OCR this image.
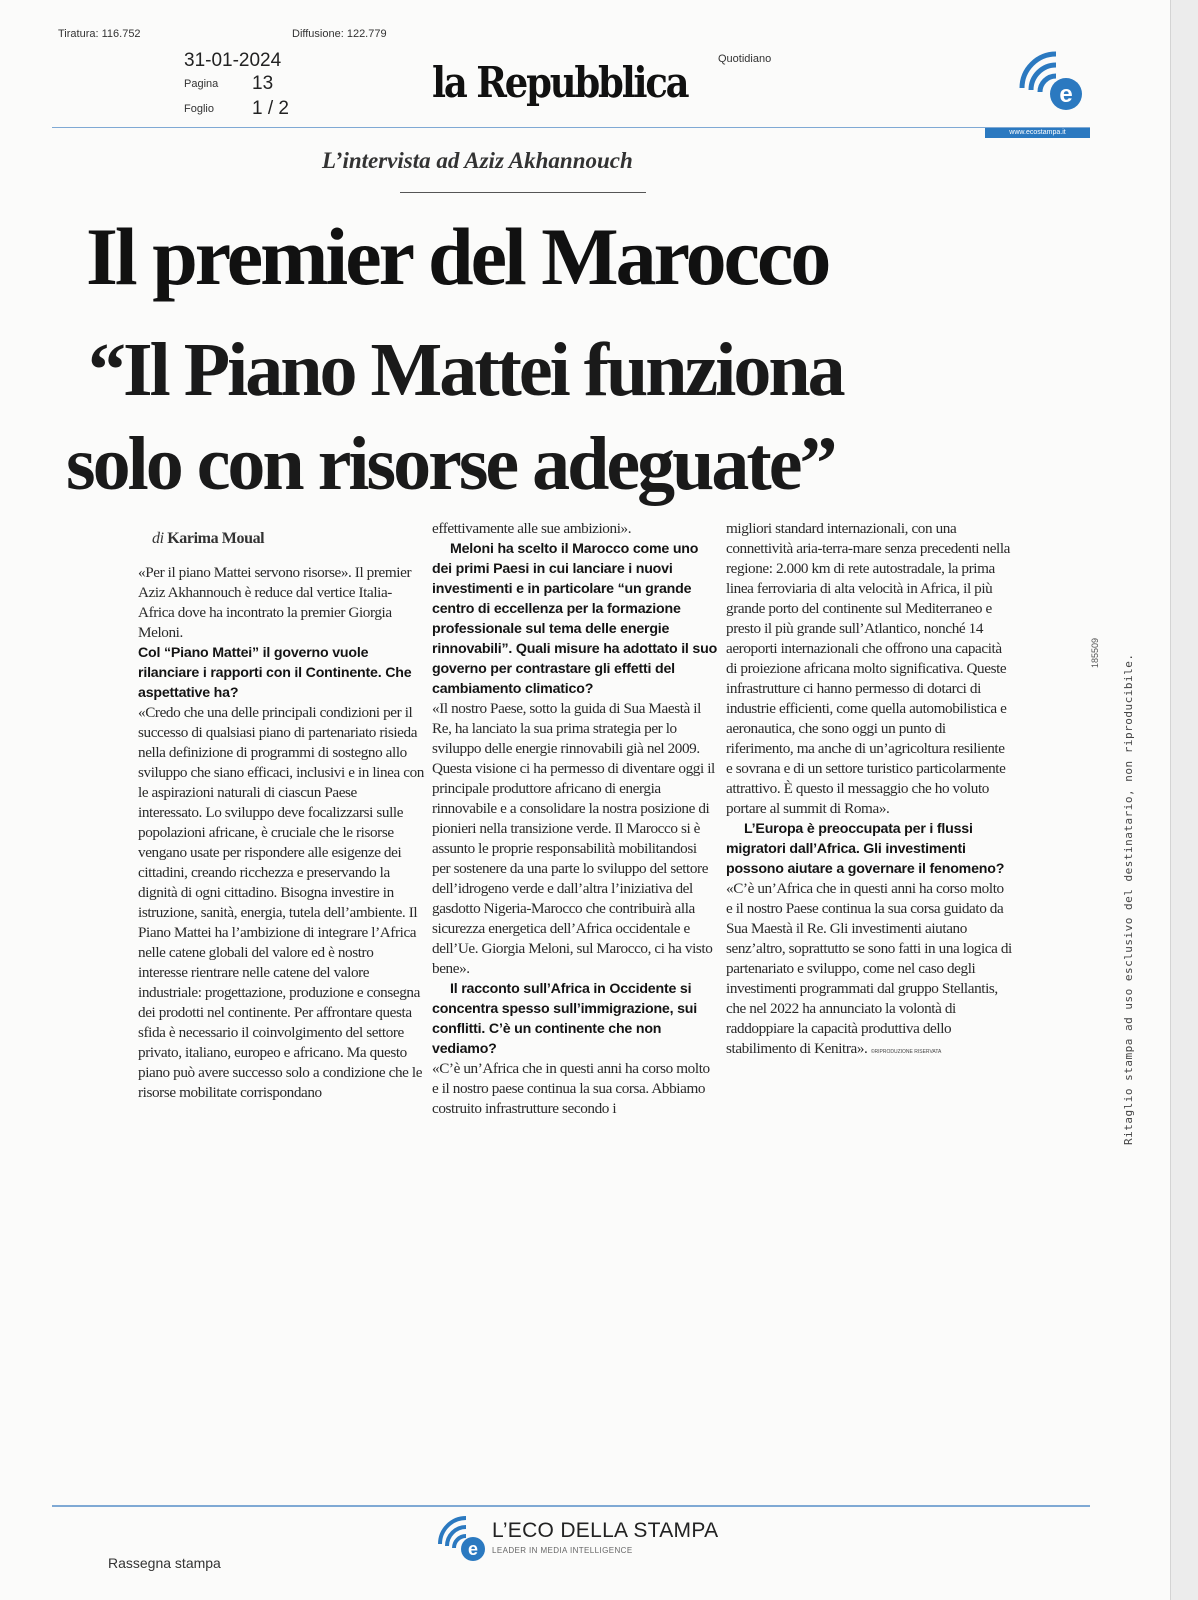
Tiratura: 116.752	Diffusione: 122.779
31-01-2024
Pagina 13
Foglio 1 / 2
la Repubblica	Quotidiano
e
www.ecostampa.it
L’intervista ad Aziz Akhannouch
Il premier del Marocco
“Il Piano Mattei funziona
solo con risorse adeguate”

di Karima Moual

«Per il piano Mattei servono risorse». Il premier Aziz Akhannouch è reduce dal vertice Italia-Africa dove ha incontrato la premier Giorgia Meloni.

Col “Piano Mattei” il governo vuole rilanciare i rapporti con il Continente. Che aspettative ha?

«Credo che una delle principali condizioni per il successo di qualsiasi piano di partenariato risieda nella definizione di programmi di sostegno allo sviluppo che siano efficaci, inclusivi e in linea con le aspirazioni naturali di ciascun Paese interessato. Lo sviluppo deve focalizzarsi sulle popolazioni africane, è cruciale che le risorse vengano usate per rispondere alle esigenze dei cittadini, creando ricchezza e preservando la dignità di ogni cittadino. Bisogna investire in istruzione, sanità, energia, tutela dell’ambiente. Il Piano Mattei ha l’ambizione di integrare l’Africa nelle catene globali del valore ed è nostro interesse rientrare nelle catene del valore industriale: progettazione, produzione e consegna dei prodotti nel continente. Per affrontare questa sfida è necessario il coinvolgimento del settore privato, italiano, europeo e africano. Ma questo piano può avere successo solo a condizione che le risorse mobilitate corrispondano

effettivamente alle sue ambizioni».

Meloni ha scelto il Marocco come uno dei primi Paesi in cui lanciare i nuovi investimenti e in particolare “un grande centro di eccellenza per la formazione professionale sul tema delle energie rinnovabili”. Quali misure ha adottato il suo governo per contrastare gli effetti del cambiamento climatico?

«Il nostro Paese, sotto la guida di Sua Maestà il Re, ha lanciato la sua prima strategia per lo sviluppo delle energie rinnovabili già nel 2009. Questa visione ci ha permesso di diventare oggi il principale produttore africano di energia rinnovabile e a consolidare la nostra posizione di pionieri nella transizione verde. Il Marocco si è assunto le proprie responsabilità mobilitandosi per sostenere da una parte lo sviluppo del settore dell’idrogeno verde e dall’altra l’iniziativa del gasdotto Nigeria-Marocco che contribuirà alla sicurezza energetica dell’Africa occidentale e dell’Ue. Giorgia Meloni, sul Marocco, ci ha visto bene».

Il racconto sull’Africa in Occidente si concentra spesso sull’immigrazione, sui conflitti. C’è un continente che non vediamo?

«C’è un’Africa che in questi anni ha corso molto e il nostro paese continua la sua corsa. Abbiamo costruito infrastrutture secondo i

migliori standard internazionali, con una connettività aria-terra-mare senza precedenti nella regione: 2.000 km di rete autostradale, la prima linea ferroviaria di alta velocità in Africa, il più grande porto del continente sul Mediterraneo e presto il più grande sull’Atlantico, nonché 14 aeroporti internazionali che offrono una capacità di proiezione africana molto significativa. Queste infrastrutture ci hanno permesso di dotarci di industrie efficienti, come quella automobilistica e aeronautica, che sono oggi un punto di riferimento, ma anche di un’agricoltura resiliente e sovrana e di un settore turistico particolarmente attrattivo. È questo il messaggio che ho voluto portare al summit di Roma».

L’Europa è preoccupata per i flussi migratori dall’Africa. Gli investimenti possono aiutare a governare il fenomeno?

«C’è un’Africa che in questi anni ha corso molto e il nostro Paese continua la sua corsa guidato da Sua Maestà il Re. Gli investimenti aiutano senz’altro, soprattutto se sono fatti in una logica di partenariato e sviluppo, come nel caso degli investimenti programmati dal gruppo Stellantis, che nel 2022 ha annunciato la volontà di raddoppiare la capacità produttiva dello stabilimento di Kenitra». ©RIPRODUZIONE RISERVATA	Ritaglio stampa ad uso esclusivo del destinatario, non riproducibile.
185509
e
L’ECO DELLA STAMPA
LEADER IN MEDIA INTELLIGENCE
Rassegna stampa
